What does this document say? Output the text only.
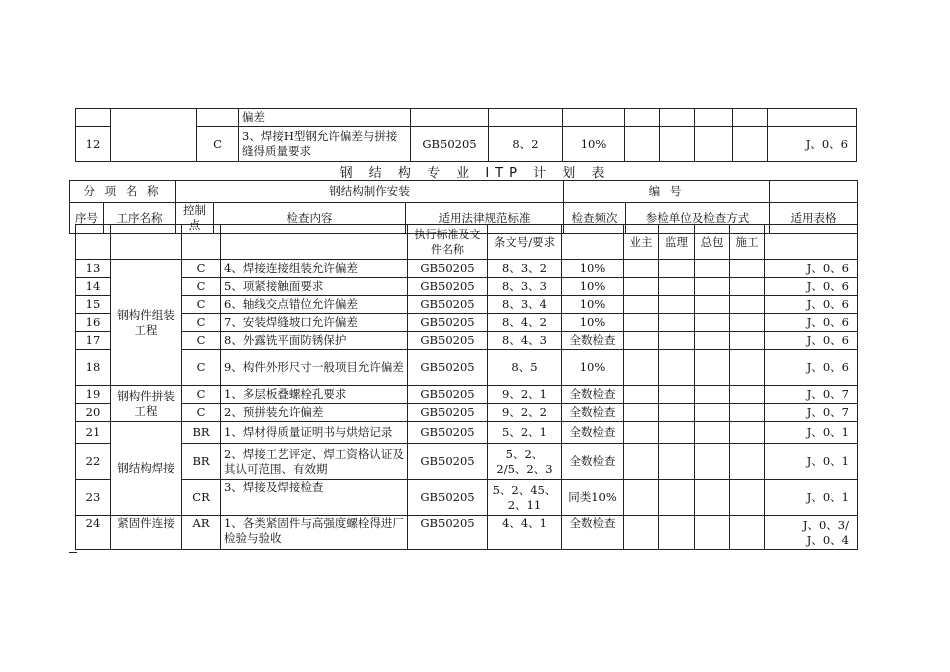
			偏差								
12		C	3、焊接H型钢允许偏差与拼接缝得质量要求	GB50205	8、2	10%					J、0、6
钢 结 构 专 业 ITP 计 划 表
分 项 名 称		钢结构制作安装			编 号		
序号	工序名称	控制点	检查内容	适用法律规范标准	检查频次	参检单位及检查方式	适用表格
				执行标准及文件名称	条文号/要求		业主	监理	总包	施工	
13	钢构件组装工程	C	4、焊接连接组装允许偏差	GB50205	8、3、2	10%					J、0、6
14		C	5、项紧接触面要求	GB50205	8、3、3	10%					J、0、6
15		C	6、轴线交点错位允许偏差	GB50205	8、3、4	10%					J、0、6
16		C	7、安装焊缝坡口允许偏差	GB50205	8、4、2	10%					J、0、6
17		C	8、外露铣平面防锈保护	GB50205	8、4、3	全数检查					J、0、6
18		C	9、构件外形尺寸一般项目允许偏差	GB50205	8、5	10%					J、0、6
19	钢构件拼装工程	C	1、多层板叠螺栓孔要求	GB50205	9、2、1	全数检查					J、0、7
20		C	2、预拼装允许偏差	GB50205	9、2、2	全数检查					J、0、7
21	钢结构焊接	BR	1、焊材得质量证明书与烘焙记录	GB50205	5、2、1	全数检查					J、0、1
22		BR	2、焊接工艺评定、焊工资格认证及其认可范围、有效期	GB50205	5、2、2/5、2、3	全数检查					J、0、1
23		CR	3、焊接及焊接检查	GB50205	5、2、45、2、11	同类10%					J、0、1
24	紧固件连接	AR	1、各类紧固件与高强度螺栓得进厂检验与验收	GB50205	4、4、1	全数检查					J、0、3/
J、0、4
